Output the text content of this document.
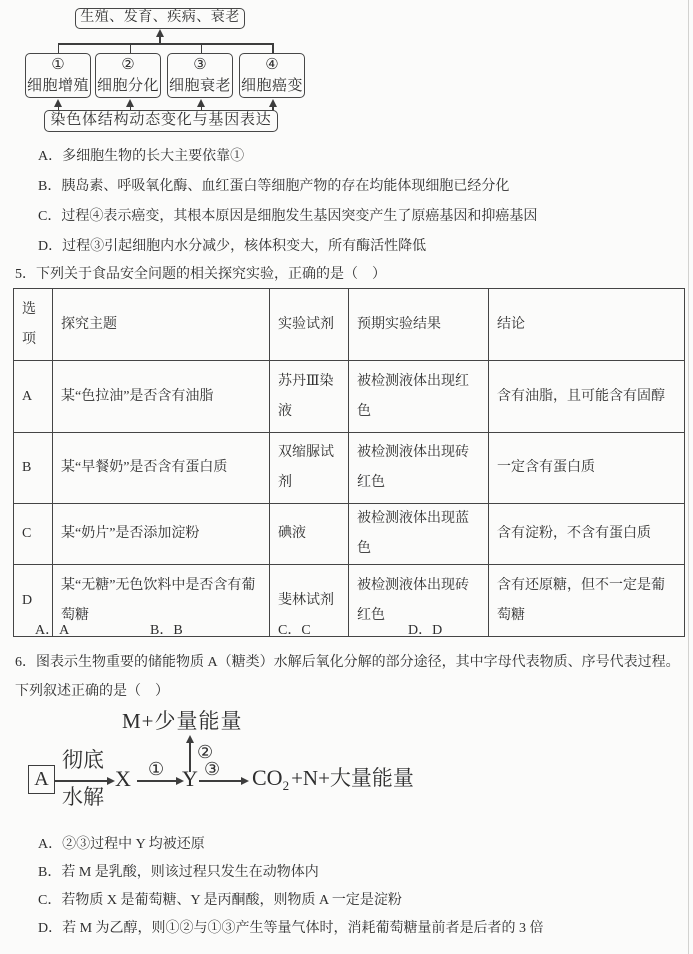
生殖、发育、疾病、衰老
①
细胞增殖
②
细胞分化
③
细胞衰老
④
细胞癌变
染色体结构动态变化与基因表达
A．多细胞生物的长大主要依靠①
B．胰岛素、呼吸氧化酶、血红蛋白等细胞产物的存在均能体现细胞已经分化
C．过程④表示癌变，其根本原因是细胞发生基因突变产生了原癌基因和抑癌基因
D．过程③引起细胞内水分减少，核体积变大，所有酶活性降低
5．下列关于食品安全问题的相关探究实验，正确的是（　）
选项	探究主题	实验试剂	预期实验结果	结论
A	某“色拉油”是否含有油脂	苏丹Ⅲ染液	被检测液体出现红色	含有油脂，且可能含有固醇
B	某“早餐奶”是否含有蛋白质	双缩脲试剂	被检测液体出现砖红色	一定含有蛋白质
C	某“奶片”是否添加淀粉	碘液	被检测液体出现蓝色	含有淀粉，不含有蛋白质
D	某“无糖”无色饮料中是否含有葡萄糖	斐林试剂	被检测液体出现砖红色	含有还原糖，但不一定是葡萄糖
A．A	B．B	C．C	D．D
6．图表示生物重要的储能物质 A（糖类）水解后氧化分解的部分途径，其中字母代表物质、序号代表过程。下列叙述正确的是（　）
M+少量能量
②
A
彻底
水解
X ① Y ③ $CO_2+N+$大量能量
A．②③过程中 Y 均被还原
B．若 M 是乳酸，则该过程只发生在动物体内
C．若物质 X 是葡萄糖、Y 是丙酮酸，则物质 A 一定是淀粉
D．若 M 为乙醇，则①②与①③产生等量气体时，消耗葡萄糖量前者是后者的 3 倍
